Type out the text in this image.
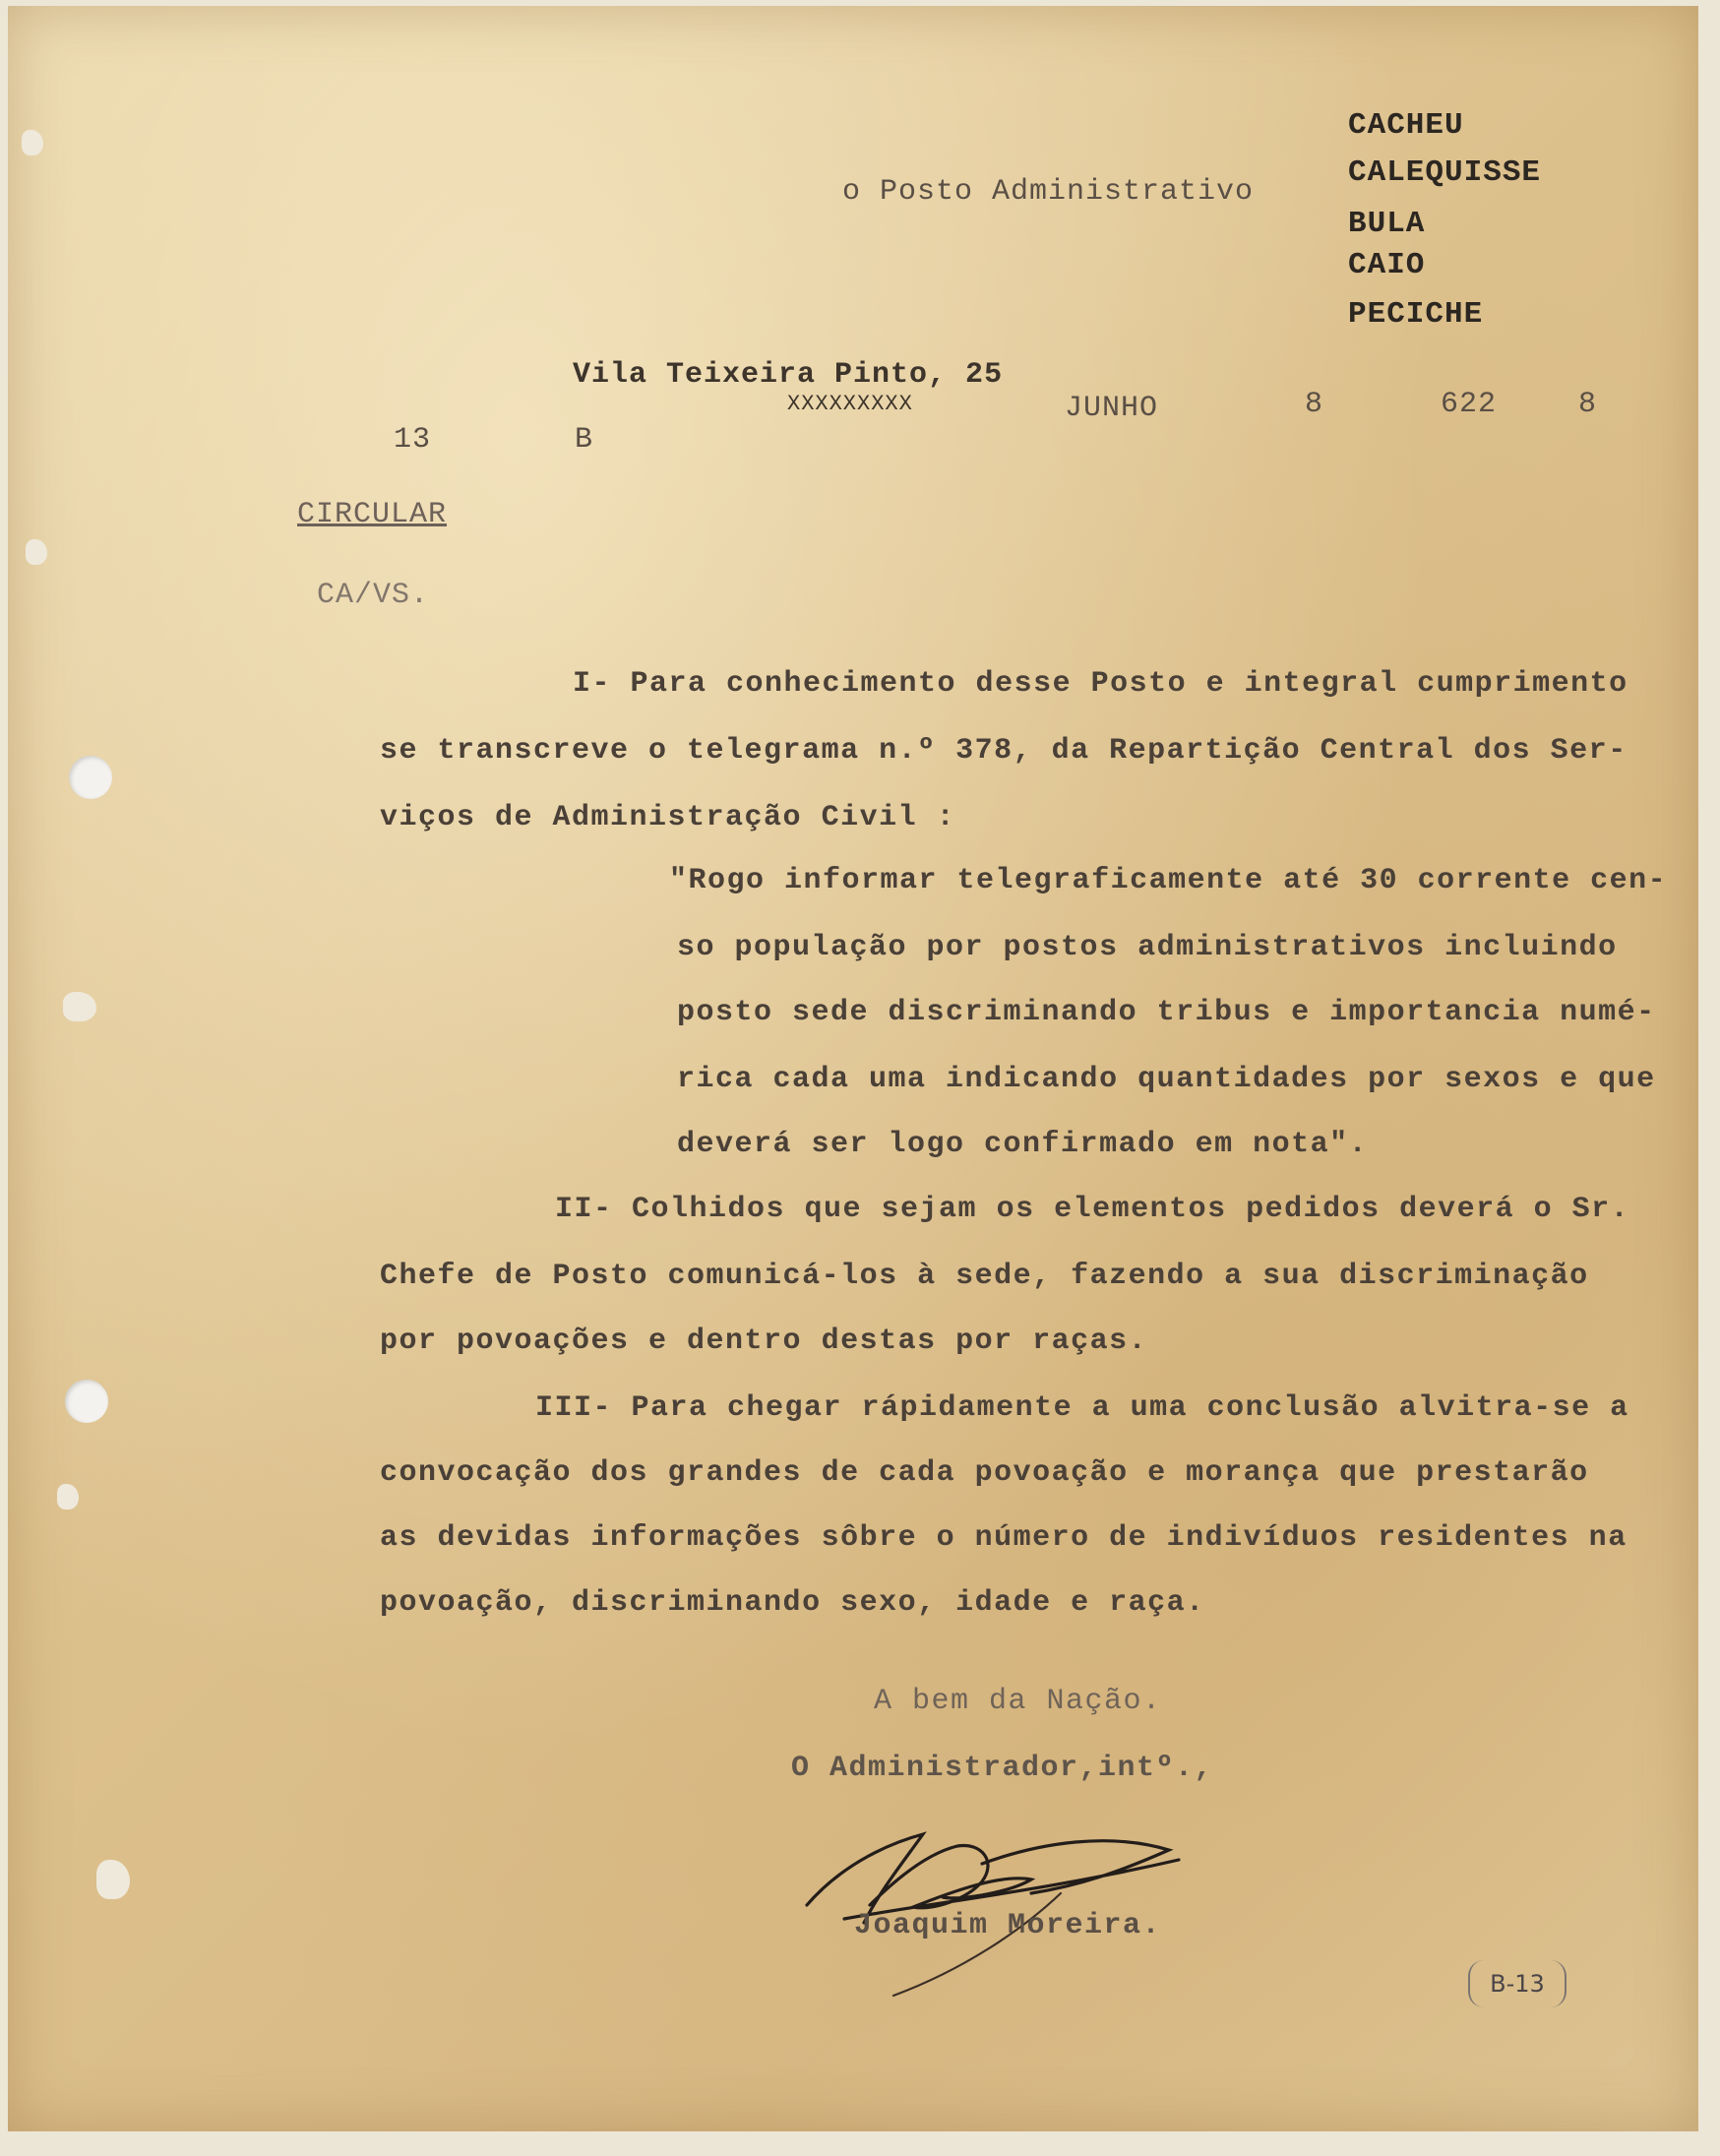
CACHEU
CALEQUISSE
BULA
CAIO
PECICHE
o Posto Administrativo
Vila Teixeira Pinto, 25
XXXXXXXXX	JUNHO	8	622	8
13	B
CIRCULAR
CA/VS.
I- Para conhecimento desse Posto e integral cumprimento
se transcreve o telegrama n.º 378, da Repartição Central dos Ser-
viços de Administração Civil :
"Rogo informar telegraficamente até 30 corrente cen-
so população por postos administrativos incluindo
posto sede discriminando tribus e importancia numé-
rica cada uma indicando quantidades por sexos e que
deverá ser logo confirmado em nota".
II- Colhidos que sejam os elementos pedidos deverá o Sr.
Chefe de Posto comunicá-los à sede, fazendo a sua discriminação
por povoações e dentro destas por raças.
III- Para chegar rápidamente a uma conclusão alvitra-se a
convocação dos grandes de cada povoação e morança que prestarão
as devidas informações sôbre o número de indivíduos residentes na
povoação, discriminando sexo, idade e raça.
A bem da Nação.
O Administrador,intº.,
Joaquim Moreira.
B-13
